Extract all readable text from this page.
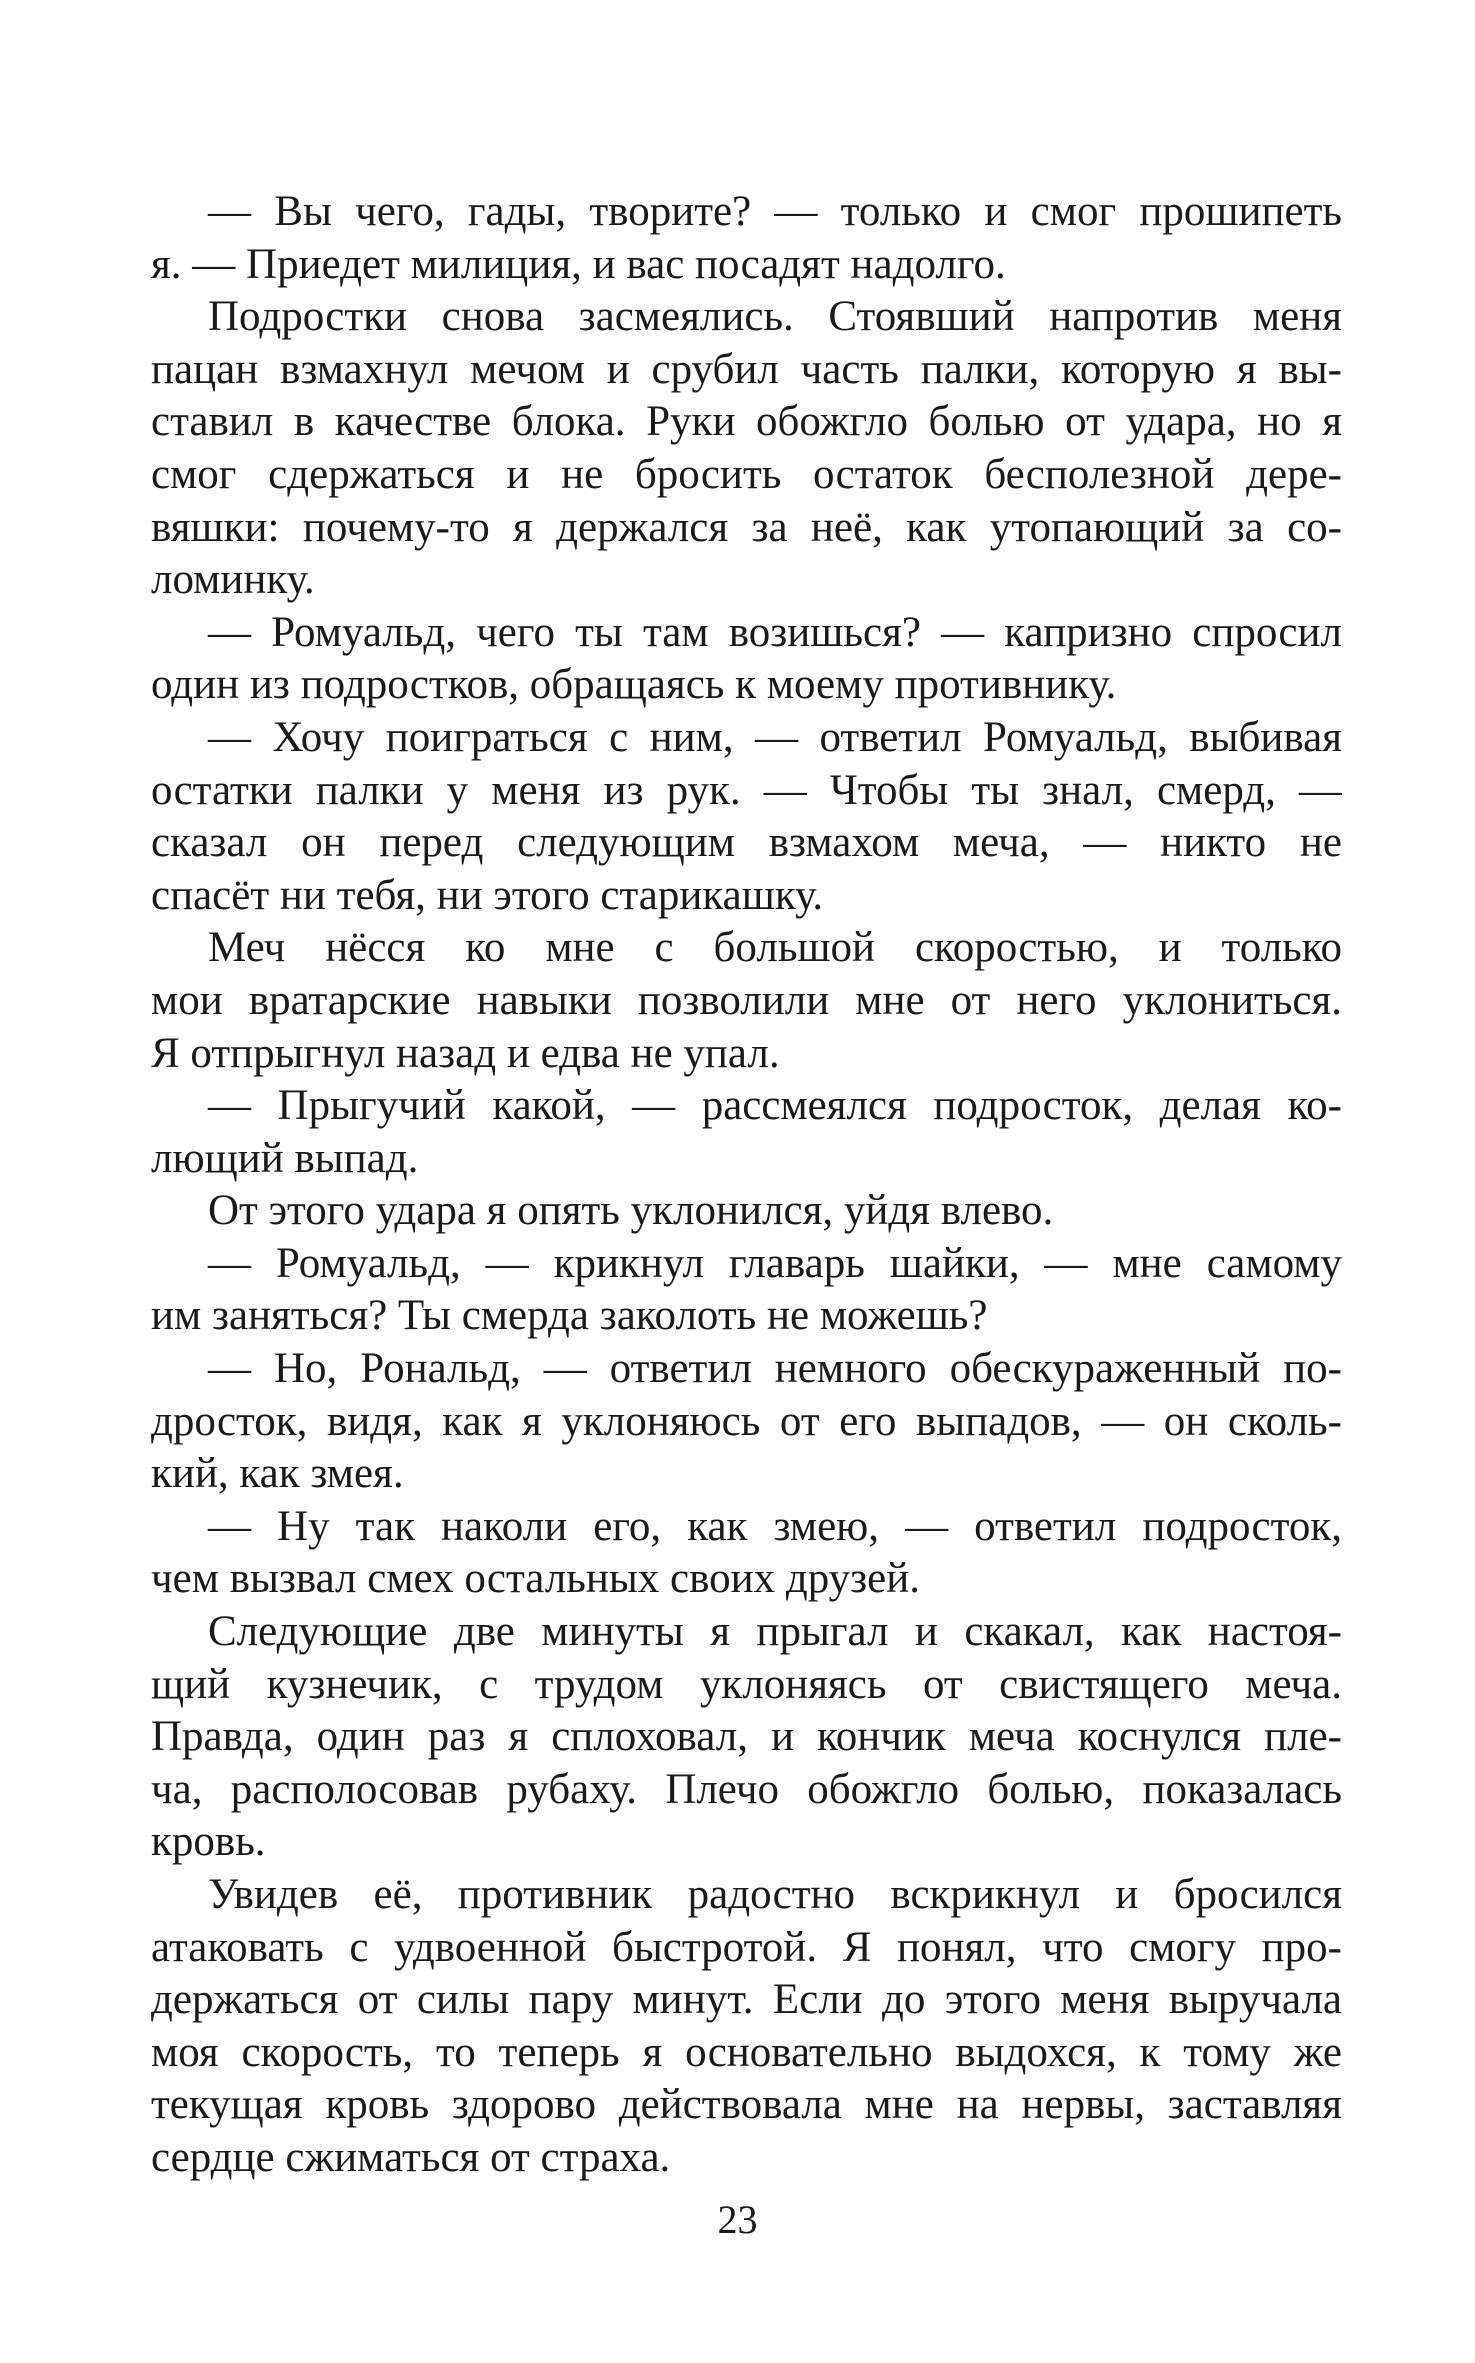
— Вы чего, гады, творите? — только и смог прошипеть
я. — Приедет милиция, и вас посадят надолго.
Подростки снова засмеялись. Стоявший напротив меня
пацан взмахнул мечом и срубил часть палки, которую я вы-
ставил в качестве блока. Руки обожгло болью от удара, но я
смог сдержаться и не бросить остаток бесполезной дере-
вяшки: почему-то я держался за неё, как утопающий за со-
ломинку.
— Ромуальд, чего ты там возишься? — капризно спросил
один из подростков, обращаясь к моему противнику.
— Хочу поиграться с ним, — ответил Ромуальд, выбивая
остатки палки у меня из рук. — Чтобы ты знал, смерд, —
сказал он перед следующим взмахом меча, — никто не
спасёт ни тебя, ни этого старикашку.
Меч нёсся ко мне с большой скоростью, и только
мои вратарские навыки позволили мне от него уклониться.
Я отпрыгнул назад и едва не упал.
— Прыгучий какой, — рассмеялся подросток, делая ко-
лющий выпад.
От этого удара я опять уклонился, уйдя влево.
— Ромуальд, — крикнул главарь шайки, — мне самому
им заняться? Ты смерда заколоть не можешь?
— Но, Рональд, — ответил немного обескураженный по-
дросток, видя, как я уклоняюсь от его выпадов, — он сколь-
кий, как змея.
— Ну так наколи его, как змею, — ответил подросток,
чем вызвал смех остальных своих друзей.
Следующие две минуты я прыгал и скакал, как настоя-
щий кузнечик, с трудом уклоняясь от свистящего меча.
Правда, один раз я сплоховал, и кончик меча коснулся пле-
ча, располосовав рубаху. Плечо обожгло болью, показалась
кровь.
Увидев её, противник радостно вскрикнул и бросился
атаковать с удвоенной быстротой. Я понял, что смогу про-
держаться от силы пару минут. Если до этого меня выручала
моя скорость, то теперь я основательно выдохся, к тому же
текущая кровь здорово действовала мне на нервы, заставляя
сердце сжиматься от страха.
23
